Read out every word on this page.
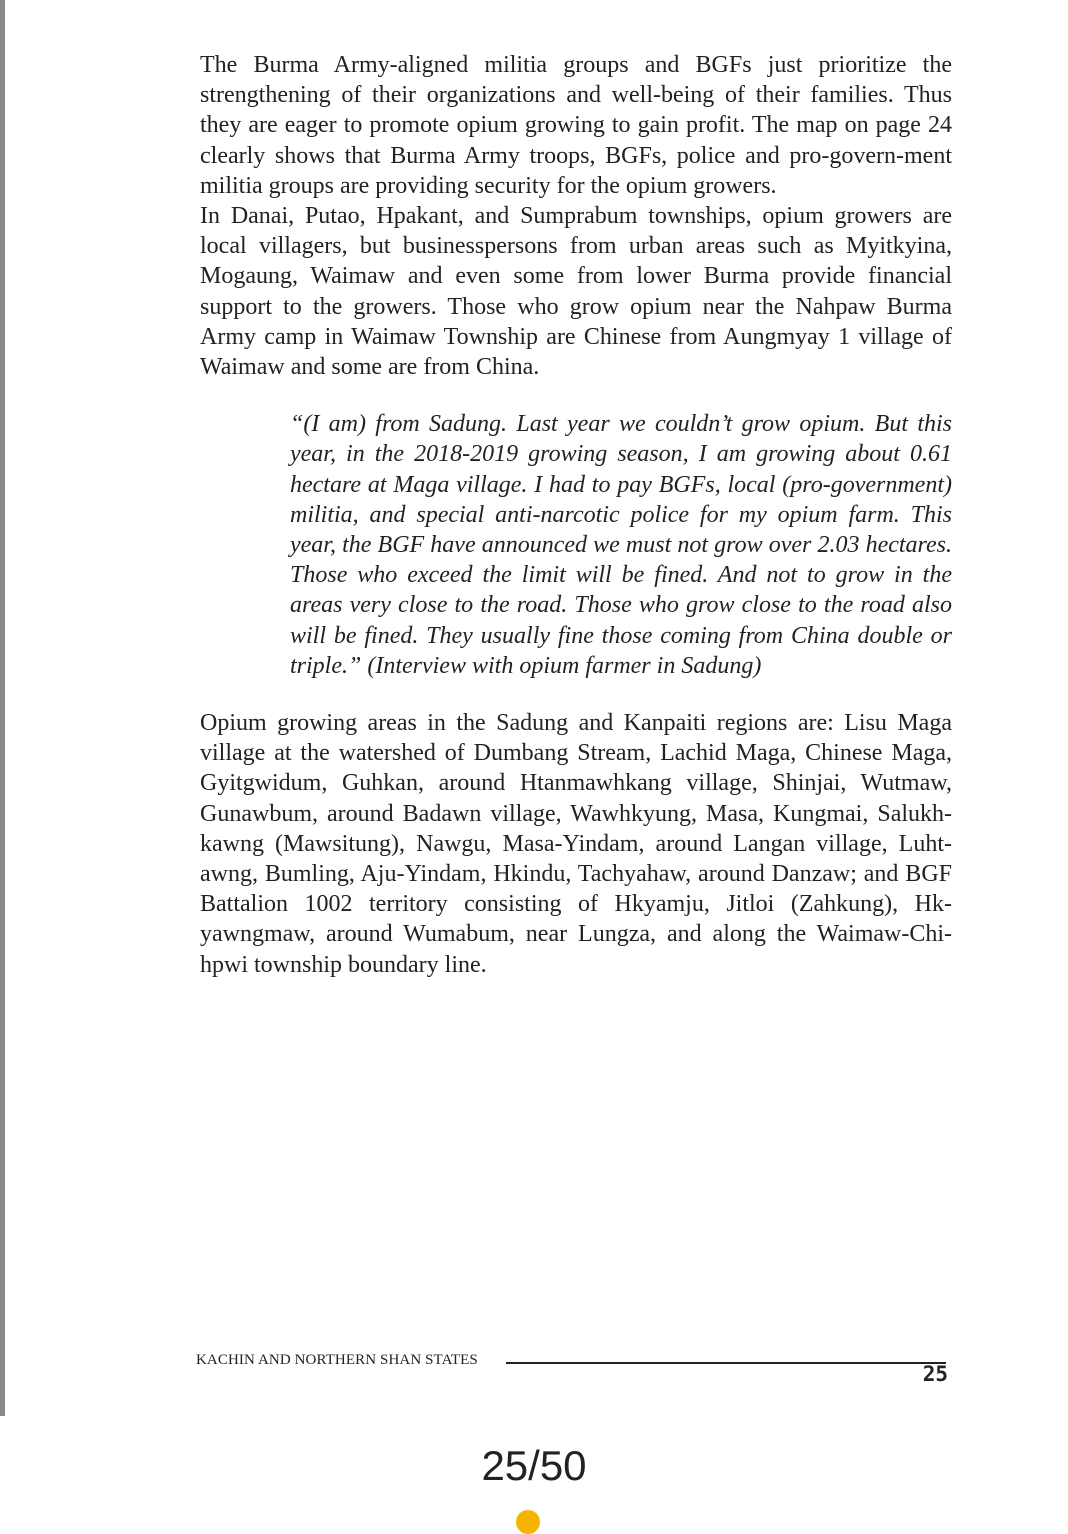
The Burma Army-aligned militia groups and BGFs just prioritize the strengthening of their organizations and well-being of their families. Thus they are eager to promote opium growing to gain profit. The map on page 24 clearly shows that Burma Army troops, BGFs, police and pro-govern-ment militia groups are providing security for the opium growers.

In Danai, Putao, Hpakant, and Sumprabum townships, opium growers are local villagers, but businesspersons from urban areas such as Myitkyina, Mogaung, Waimaw and even some from lower Burma provide financial support to the growers. Those who grow opium near the Nahpaw Burma Army camp in Waimaw Township are Chinese from Aungmyay 1 village of Waimaw and some are from China.

“(I am) from Sadung. Last year we couldn’t grow opium. But this year, in the 2018-2019 growing season, I am growing about 0.61 hectare at Maga village. I had to pay BGFs, local (pro-government) militia, and special anti-narcotic police for my opium farm. This year, the BGF have announced we must not grow over 2.03 hectares. Those who exceed the limit will be fined. And not to grow in the areas very close to the road. Those who grow close to the road also will be fined. They usually fine those coming from China double or triple.” (Interview with opium farmer in Sadung)

Opium growing areas in the Sadung and Kanpaiti regions are: Lisu Maga village at the watershed of Dumbang Stream, Lachid Maga, Chinese Maga, Gyitgwidum, Guhkan, around Htanmawhkang village, Shinjai, Wutmaw, Gunawbum, around Badawn village, Wawhkyung, Masa, Kungmai, Salukh-kawng (Mawsitung), Nawgu, Masa-Yindam, around Langan village, Luht-awng, Bumling, Aju-Yindam, Hkindu, Tachyahaw, around Danzaw; and BGF Battalion 1002 territory consisting of Hkyamju, Jitloi (Zahkung), Hk-yawngmaw, around Wumabum, near Lungza, and along the Waimaw-Chi-hpwi township boundary line.

KACHIN AND NORTHERN SHAN STATES
25
25/50
